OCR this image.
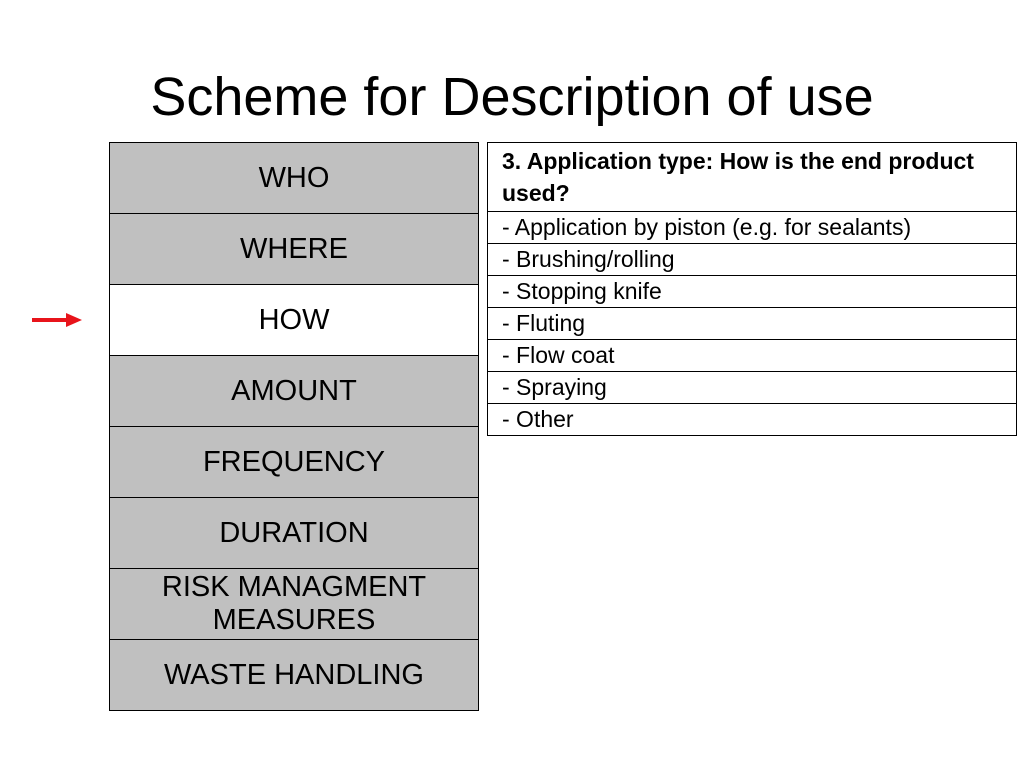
Scheme for Description of use
WHO
WHERE
HOW
AMOUNT
FREQUENCY
DURATION
RISK MANAGMENT MEASURES
WASTE HANDLING
3. Application type: How is the end product used?
- Application by piston (e.g. for sealants)
- Brushing/rolling
- Stopping knife
- Fluting
- Flow coat
- Spraying
- Other
